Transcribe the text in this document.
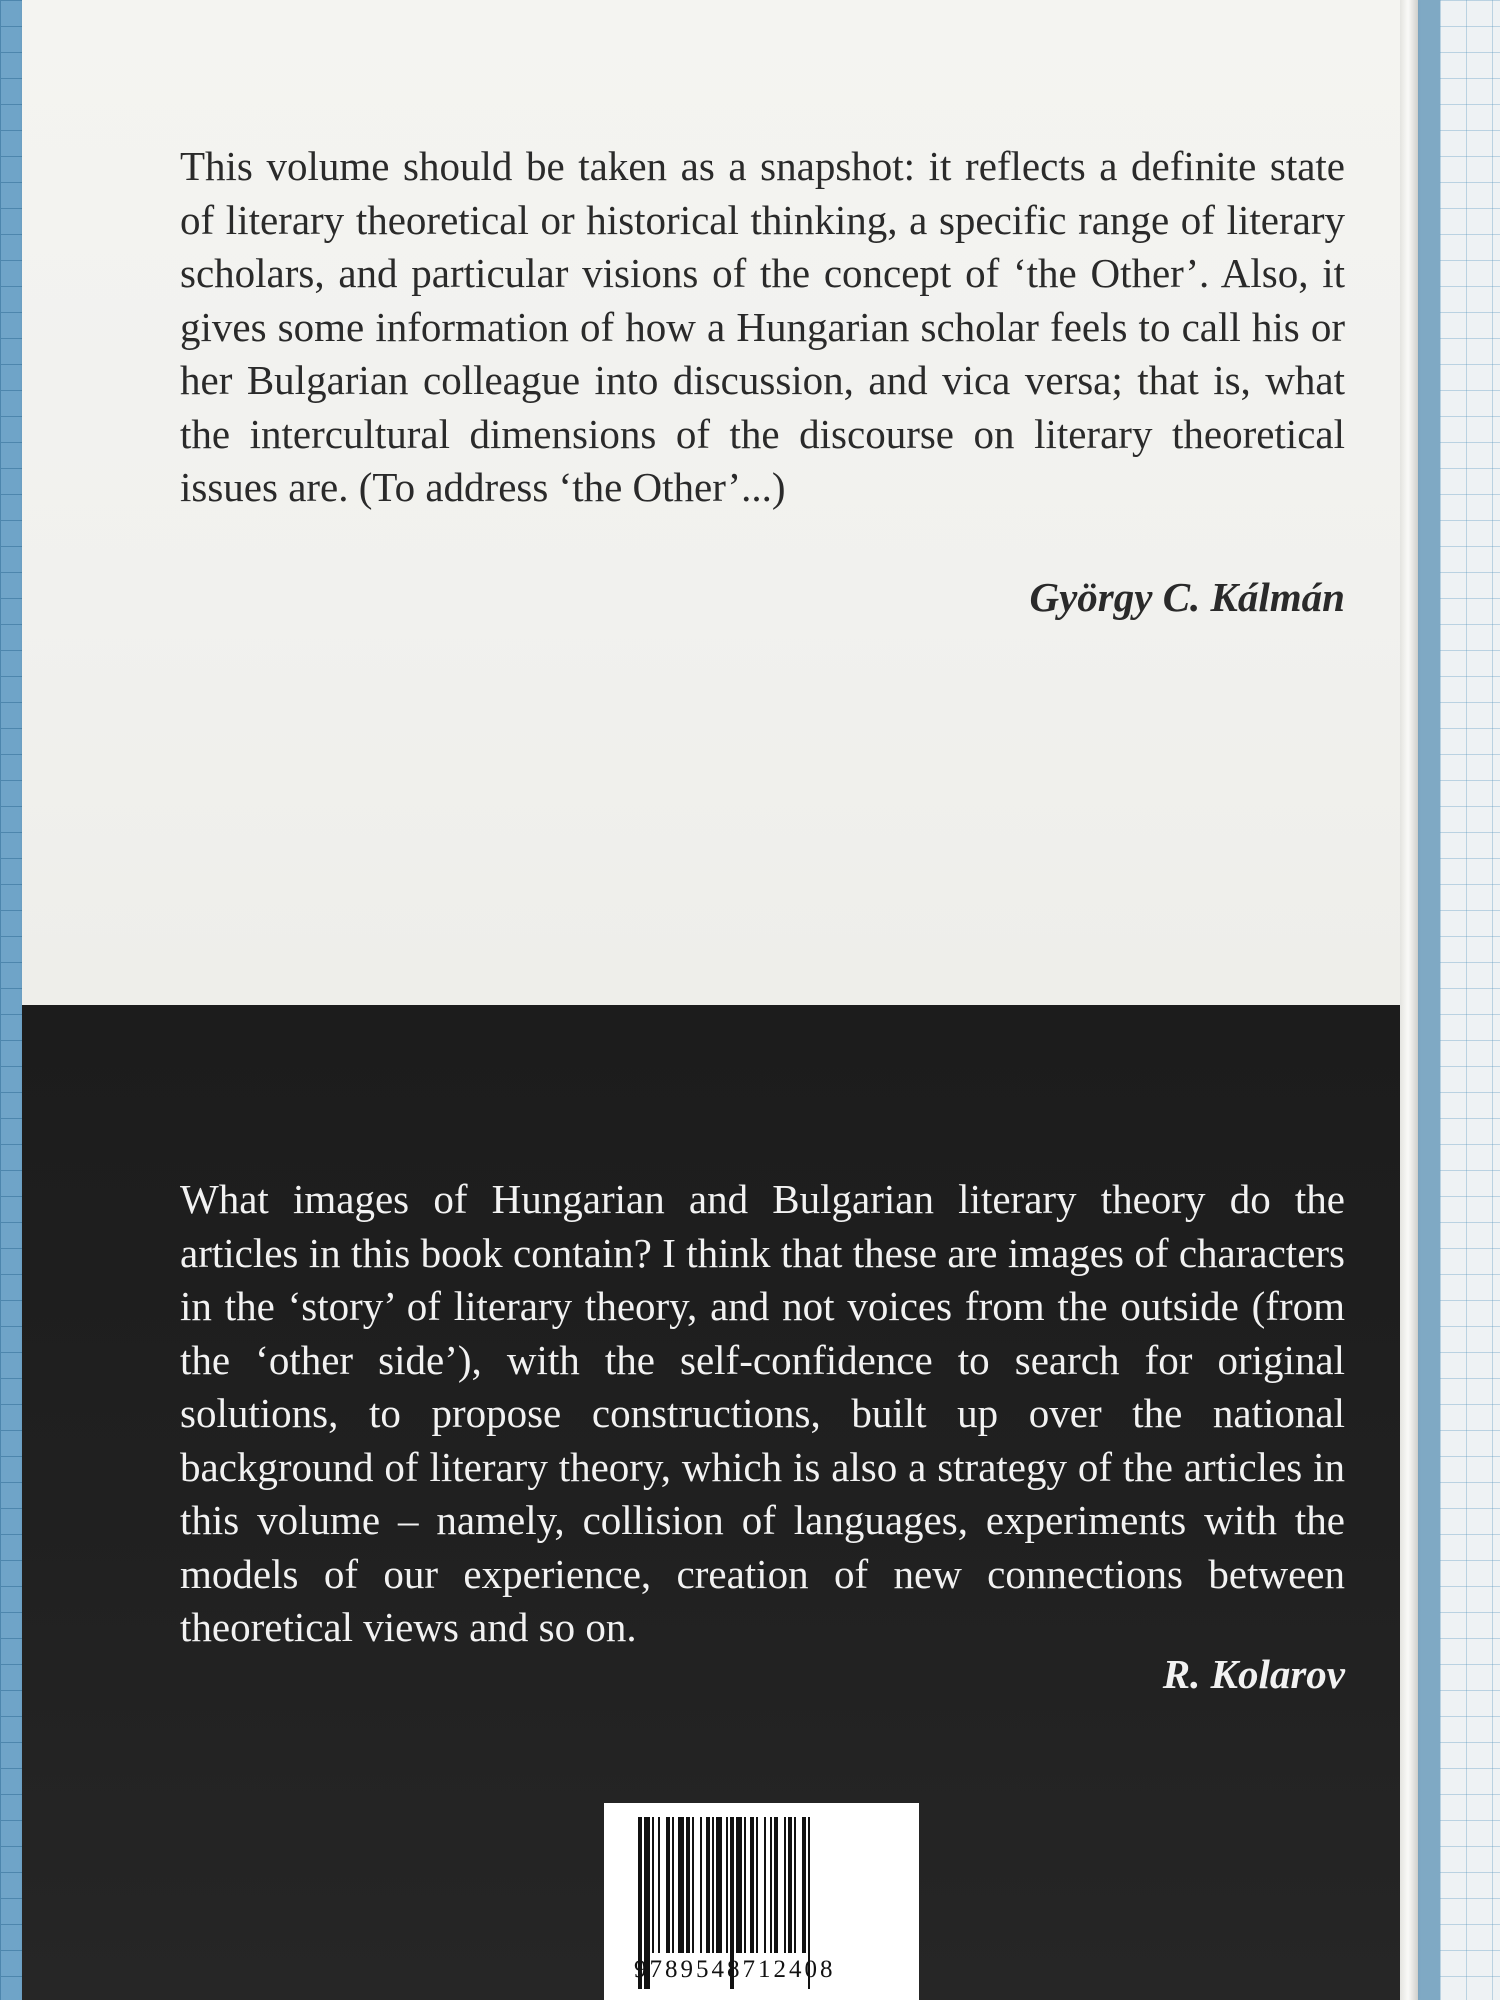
This volume should be taken as a snapshot: it reflects a definite state of literary theoretical or historical thinking, a specific range of literary scholars, and particular visions of the concept of ‘the Other’. Also, it gives some information of how a Hungarian scholar feels to call his or her Bulgarian colleague into discussion, and vica versa; that is, what the intercultural dimensions of the discourse on literary theoretical issues are. (To address ‘the Other’...)

György C. Kálmán

What images of Hungarian and Bulgarian literary theory do the articles in this book contain? I think that these are images of characters in the ‘story’ of literary theory, and not voices from the outside (from the ‘other side’), with the self-confidence to search for original solutions, to propose constructions, built up over the national background of literary theory, which is also a strategy of the articles in this volume – namely, collision of languages, experiments with the models of our experience, creation of new connections between theoretical views and so on.

R. Kolarov

9789548712408
